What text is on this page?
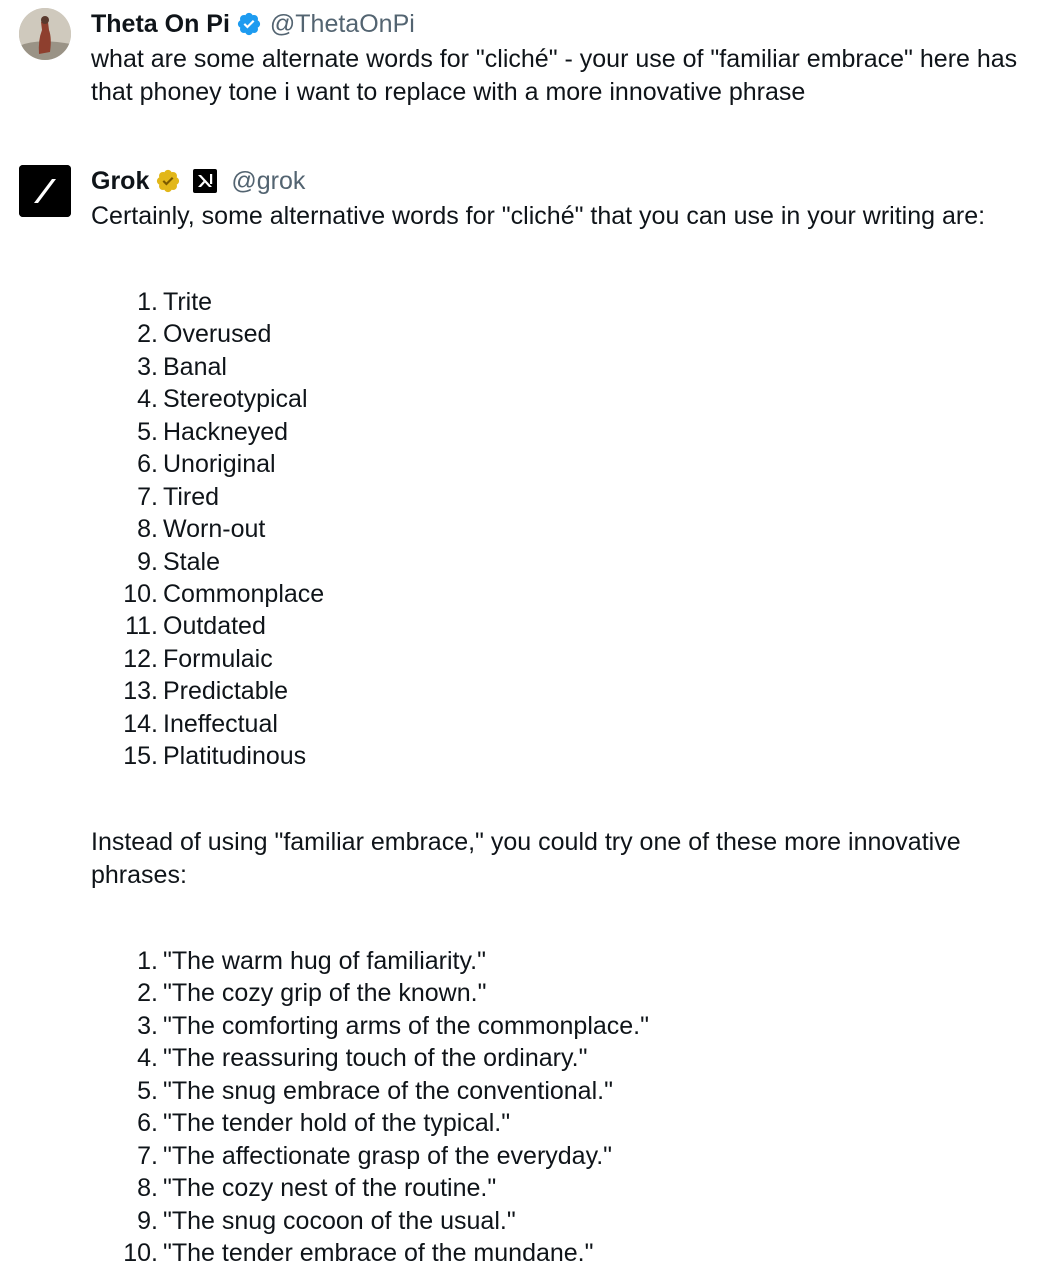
Theta On Pi @ThetaOnPi
what are some alternate words for "cliché" - your use of "familiar embrace" here has that phoney tone i want to replace with a more innovative phrase
Grok	@grok
Certainly, some alternative words for "cliché" that you can use in your writing are:
1. Trite
2. Overused
3. Banal
4. Stereotypical
5. Hackneyed
6. Unoriginal
7. Tired
8. Worn-out
9. Stale
10. Commonplace
11. Outdated
12. Formulaic
13. Predictable
14. Ineffectual
15. Platitudinous
Instead of using "familiar embrace," you could try one of these more innovative phrases:
1. "The warm hug of familiarity."
2. "The cozy grip of the known."
3. "The comforting arms of the commonplace."
4. "The reassuring touch of the ordinary."
5. "The snug embrace of the conventional."
6. "The tender hold of the typical."
7. "The affectionate grasp of the everyday."
8. "The cozy nest of the routine."
9. "The snug cocoon of the usual."
10. "The tender embrace of the mundane."
